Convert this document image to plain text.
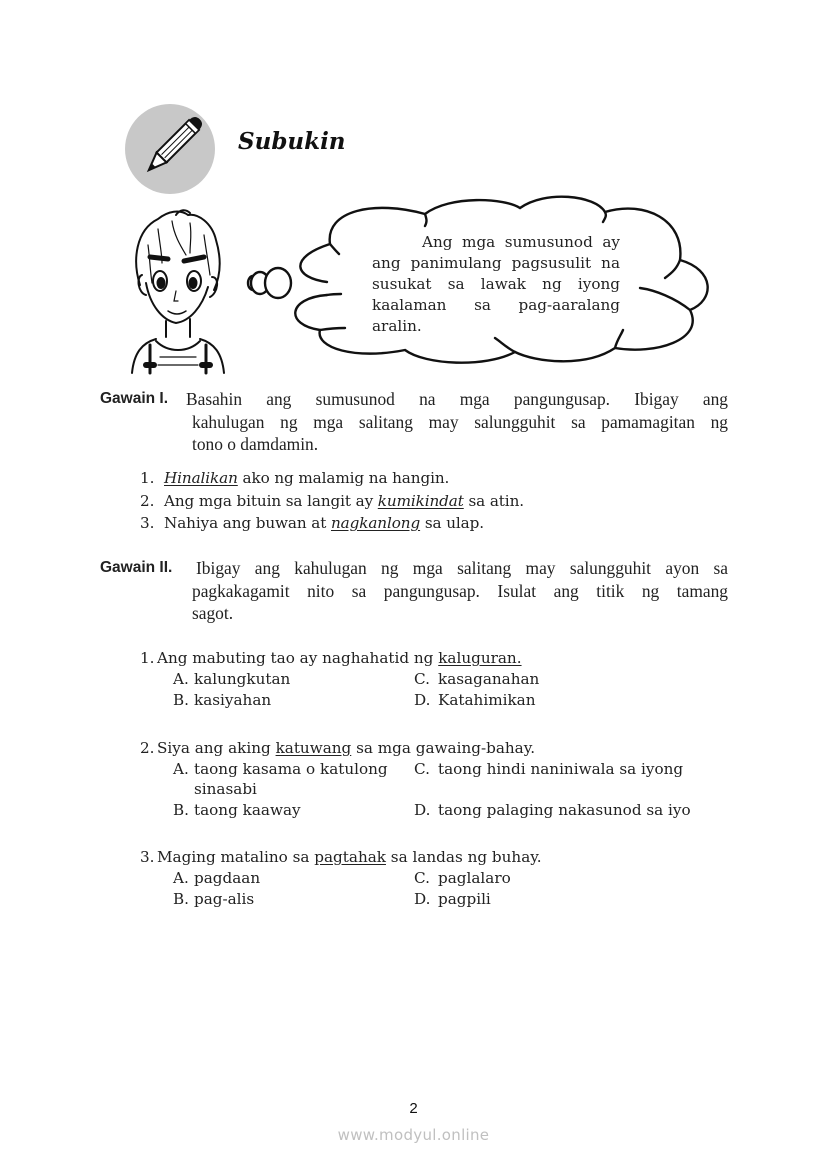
Subukin
Ang mga sumusunod ay
ang panimulang pagsusulit na
susukat sa lawak ng iyong
kaalaman sa pag-aaralang
aralin.
Gawain I. Basahin ang sumusunod na mga pangungusap. Ibigay ang
kahulugan ng mga salitang may salungguhit sa pamamagitan ng
tono o damdamin.
1. Hinalikan ako ng malamig na hangin.
2. Ang mga bituin sa langit ay kumikindat sa atin.
3. Nahiya ang buwan at nagkanlong sa ulap.
Gawain II. Ibigay ang kahulugan ng mga salitang may salungguhit ayon sa
pagkakagamit nito sa pangungusap. Isulat ang titik ng tamang
sagot.
1. Ang mabuting tao ay naghahatid ng kaluguran.
A. kalungkutan	C. kasaganahan
B. kasiyahan	D. Katahimikan
2. Siya ang aking katuwang sa mga gawaing-bahay.
A. taong kasama o katulong C. taong hindi naniniwala sa iyong
sinasabi
B. taong kaaway	D. taong palaging nakasunod sa iyo
3. Maging matalino sa pagtahak sa landas ng buhay.
A. pagdaan	C. paglalaro
B. pag-alis	D. pagpili
2
www.modyul.online
